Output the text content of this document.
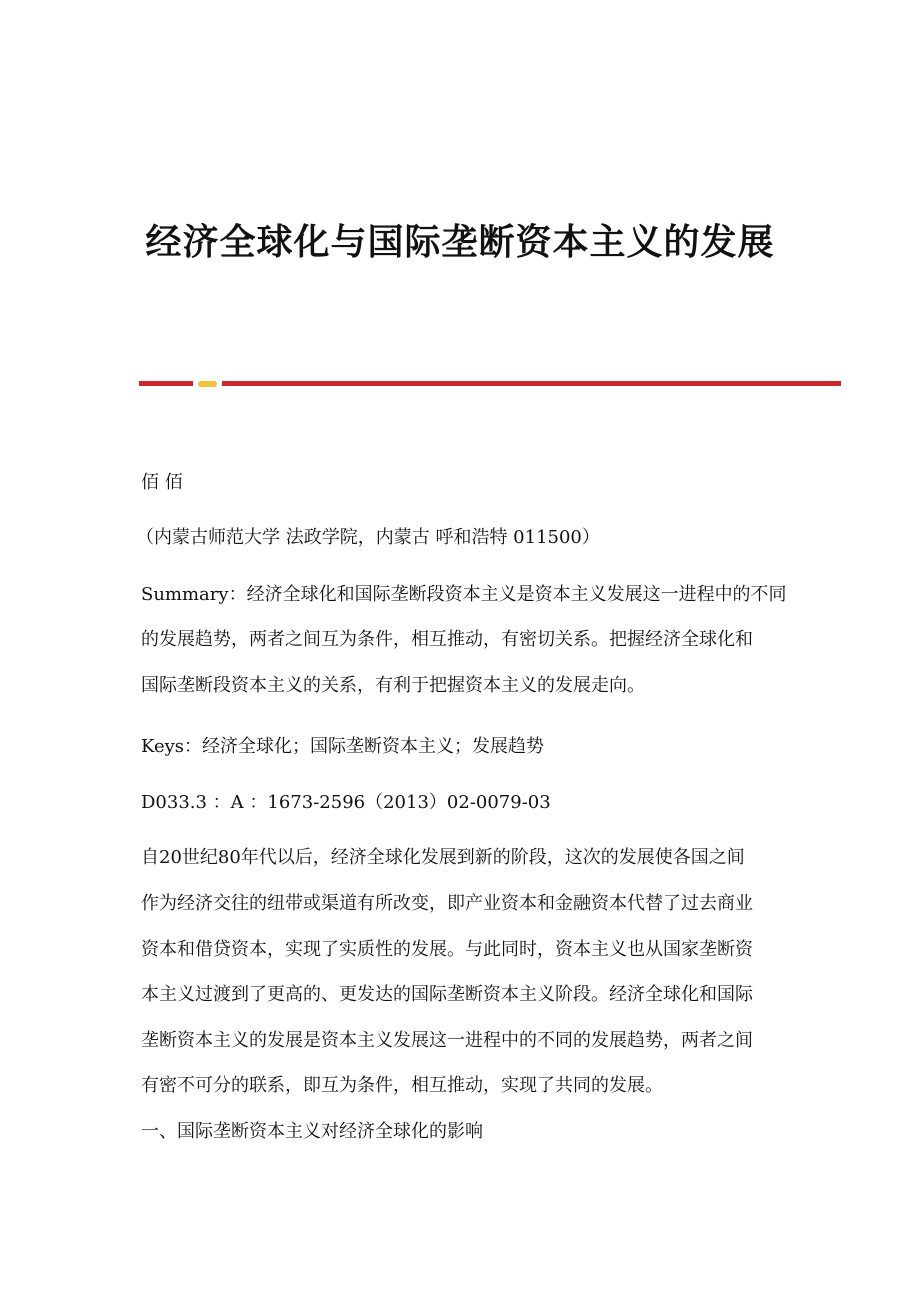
经济全球化与国际垄断资本主义的发展
佰 佰
（内蒙古师范大学 法政学院，内蒙古 呼和浩特 011500）
Summary：经济全球化和国际垄断段资本主义是资本主义发展这一进程中的不同
的发展趋势，两者之间互为条件，相互推动，有密切关系。把握经济全球化和
国际垄断段资本主义的关系，有利于把握资本主义的发展走向。
Keys：经济全球化；国际垄断资本主义；发展趋势
D033.3 ：A ：1673-2596（2013）02-0079-03
自20世纪80年代以后，经济全球化发展到新的阶段，这次的发展使各国之间
作为经济交往的纽带或渠道有所改变，即产业资本和金融资本代替了过去商业
资本和借贷资本，实现了实质性的发展。与此同时，资本主义也从国家垄断资
本主义过渡到了更高的、更发达的国际垄断资本主义阶段。经济全球化和国际
垄断资本主义的发展是资本主义发展这一进程中的不同的发展趋势，两者之间
有密不可分的联系，即互为条件，相互推动，实现了共同的发展。
一、国际垄断资本主义对经济全球化的影响
